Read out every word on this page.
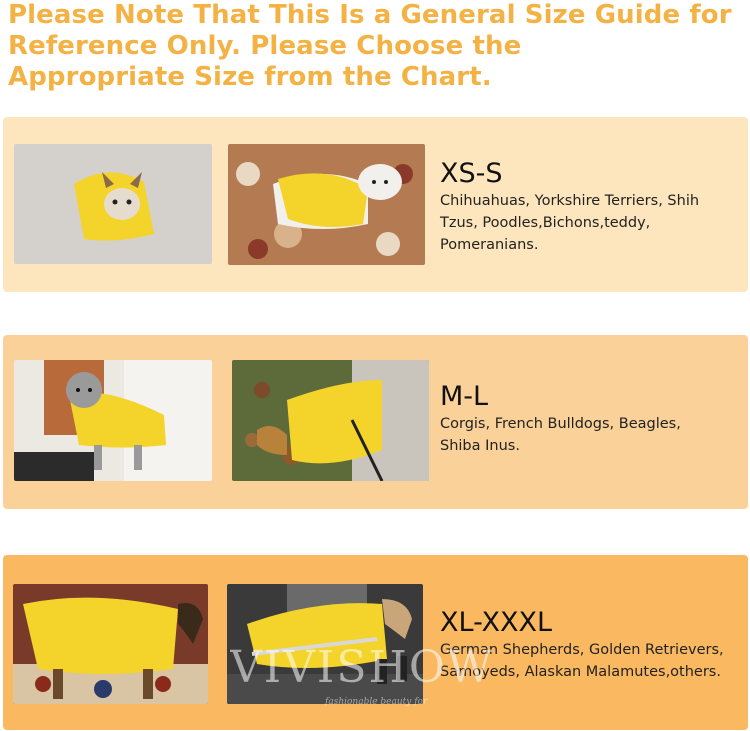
Please Note That This Is a General Size Guide for
Reference Only. Please Choose the
Appropriate Size from the Chart.
XS-S
Chihuahuas, Yorkshire Terriers, Shih
Tzus, Poodles,Bichons,teddy,
Pomeranians.
M-L
Corgis, French Bulldogs, Beagles,
Shiba Inus.
XL-XXXL
German Shepherds, Golden Retrievers,
Samoyeds, Alaskan Malamutes,others.
VIVISHOW
fashionable beauty for
